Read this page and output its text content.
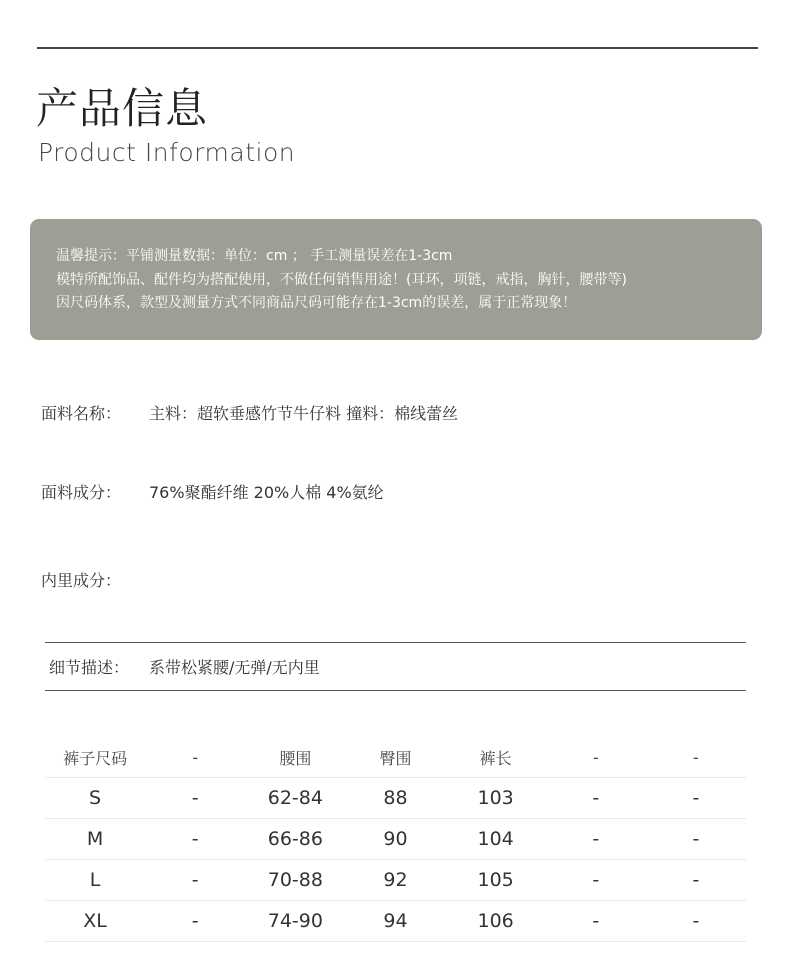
产品信息
Product Information
温馨提示：平铺测量数据：单位：cm ； 手工测量误差在1-3cm
模特所配饰品、配件均为搭配使用，不做任何销售用途！(耳环，项链，戒指，胸针，腰带等)
因尺码体系，款型及测量方式不同商品尺码可能存在1-3cm的误差，属于正常现象！
面料名称： 主料：超软垂感竹节牛仔料 撞料：棉线蕾丝
面料成分： 76%聚酯纤维 20%人棉 4%氨纶
内里成分：
细节描述： 系带松紧腰/无弹/无内里
裤子尺码	-	腰围	臀围	裤长	-	-
S	-	62-84	88	103	-	-
M	-	66-86	90	104	-	-
L	-	70-88	92	105	-	-
XL	-	74-90	94	106	-	-
